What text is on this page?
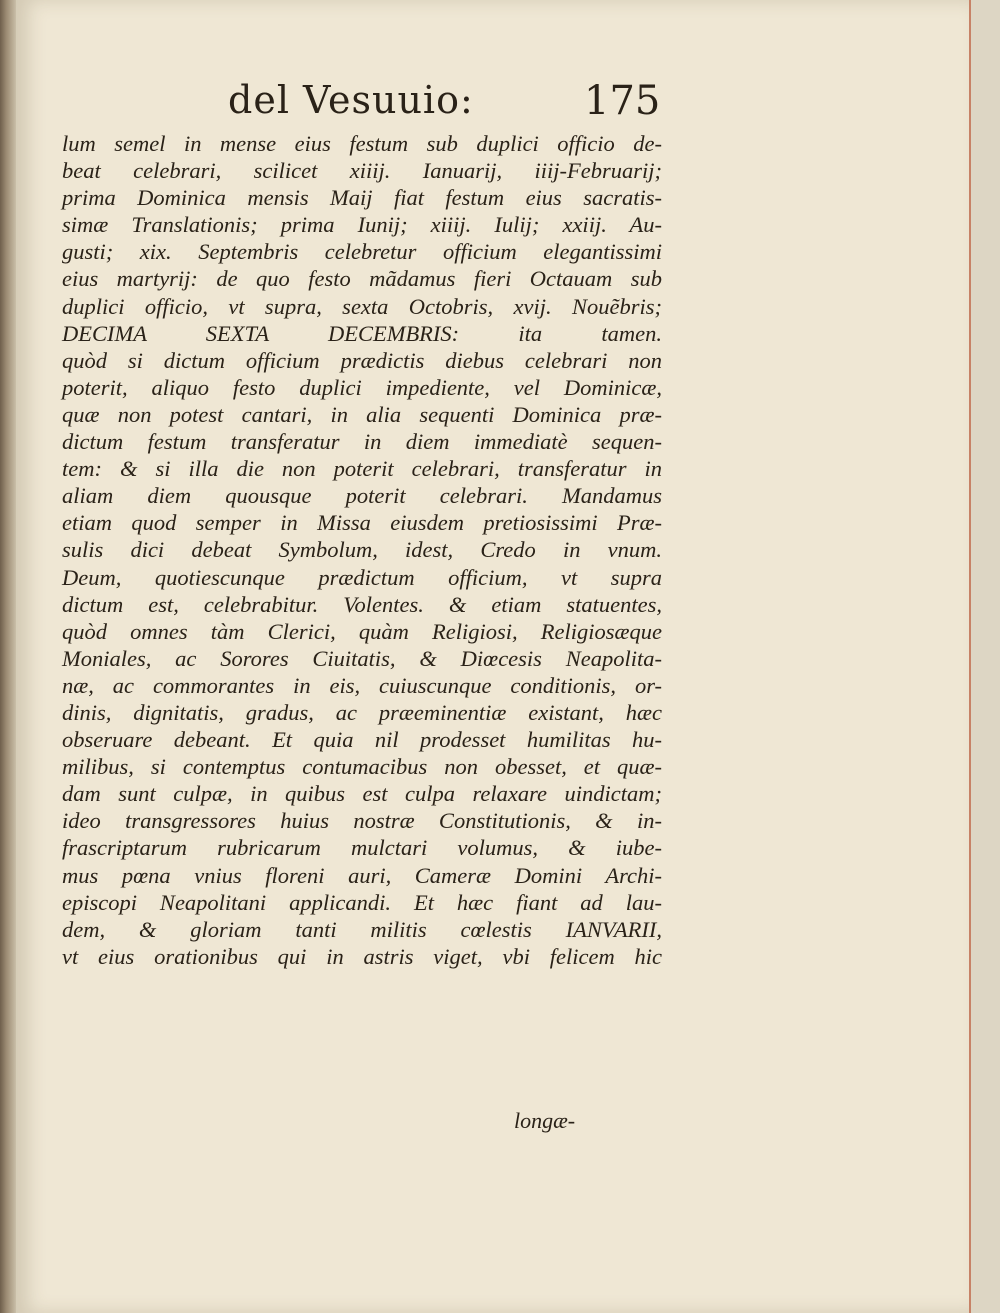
del Vesuuio:	175
lum semel in mense eius festum sub duplici officio de-
beat celebrari, scilicet xiiij. Ianuarij, iiij-Februarij;
prima Dominica mensis Maij fiat festum eius sacratis-
simæ Translationis; prima Iunij; xiiij. Iulij; xxiij. Au-
gusti; xix. Septembris celebretur officium elegantissimi
eius martyrij: de quo festo mãdamus fieri Octauam sub
duplici officio, vt supra, sexta Octobris, xvij. Nouẽbris;
DECIMA SEXTA DECEMBRIS: ita tamen.
quòd si dictum officium prædictis diebus celebrari non
poterit, aliquo festo duplici impediente, vel Dominicæ,
quæ non potest cantari, in alia sequenti Dominica præ-
dictum festum transferatur in diem immediatè sequen-
tem: & si illa die non poterit celebrari, transferatur in
aliam diem quousque poterit celebrari. Mandamus
etiam quod semper in Missa eiusdem pretiosissimi Præ-
sulis dici debeat Symbolum, idest, Credo in vnum.
Deum, quotiescunque prædictum officium, vt supra
dictum est, celebrabitur. Volentes. & etiam statuentes,
quòd omnes tàm Clerici, quàm Religiosi, Religiosæque
Moniales, ac Sorores Ciuitatis, & Diœcesis Neapolita-
næ, ac commorantes in eis, cuiuscunque conditionis, or-
dinis, dignitatis, gradus, ac præeminentiæ existant, hæc
obseruare debeant. Et quia nil prodesset humilitas hu-
milibus, si contemptus contumacibus non obesset, et quæ-
dam sunt culpæ, in quibus est culpa relaxare uindictam;
ideo transgressores huius nostræ Constitutionis, & in-
frascriptarum rubricarum mulctari volumus, & iube-
mus pœna vnius floreni auri, Cameræ Domini Archi-
episcopi Neapolitani applicandi. Et hæc fiant ad lau-
dem, & gloriam tanti militis cœlestis IANVARII,
vt eius orationibus qui in astris viget, vbi felicem hic
longæ-
